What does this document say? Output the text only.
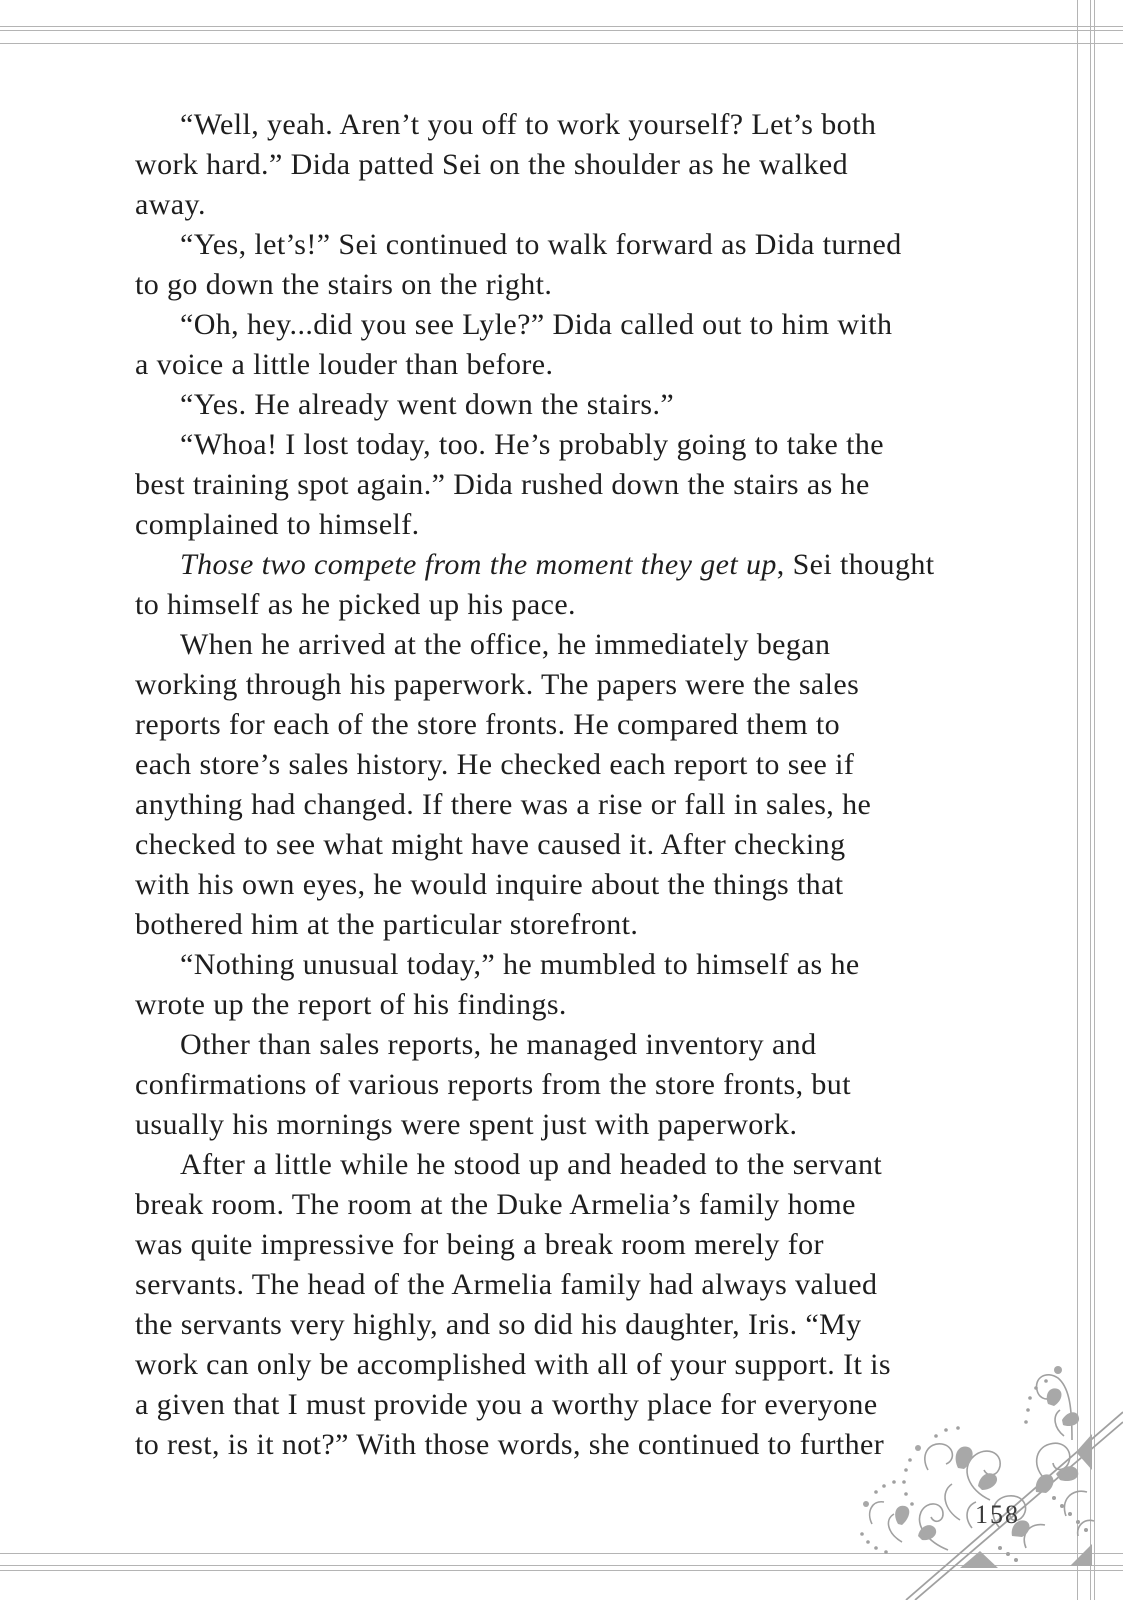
158
“Well, yeah. Aren’t you off to work yourself? Let’s both
work hard.” Dida patted Sei on the shoulder as he walked
away.
“Yes, let’s!” Sei continued to walk forward as Dida turned
to go down the stairs on the right.
“Oh, hey...did you see Lyle?” Dida called out to him with
a voice a little louder than before.
“Yes. He already went down the stairs.”
“Whoa! I lost today, too. He’s probably going to take the
best training spot again.” Dida rushed down the stairs as he
complained to himself.
Those two compete from the moment they get up, Sei thought
to himself as he picked up his pace.
When he arrived at the office, he immediately began
working through his paperwork. The papers were the sales
reports for each of the store fronts. He compared them to
each store’s sales history. He checked each report to see if
anything had changed. If there was a rise or fall in sales, he
checked to see what might have caused it. After checking
with his own eyes, he would inquire about the things that
bothered him at the particular storefront.
“Nothing unusual today,” he mumbled to himself as he
wrote up the report of his findings.
Other than sales reports, he managed inventory and
confirmations of various reports from the store fronts, but
usually his mornings were spent just with paperwork.
After a little while he stood up and headed to the servant
break room. The room at the Duke Armelia’s family home
was quite impressive for being a break room merely for
servants. The head of the Armelia family had always valued
the servants very highly, and so did his daughter, Iris. “My
work can only be accomplished with all of your support. It is
a given that I must provide you a worthy place for everyone
to rest, is it not?” With those words, she continued to further
